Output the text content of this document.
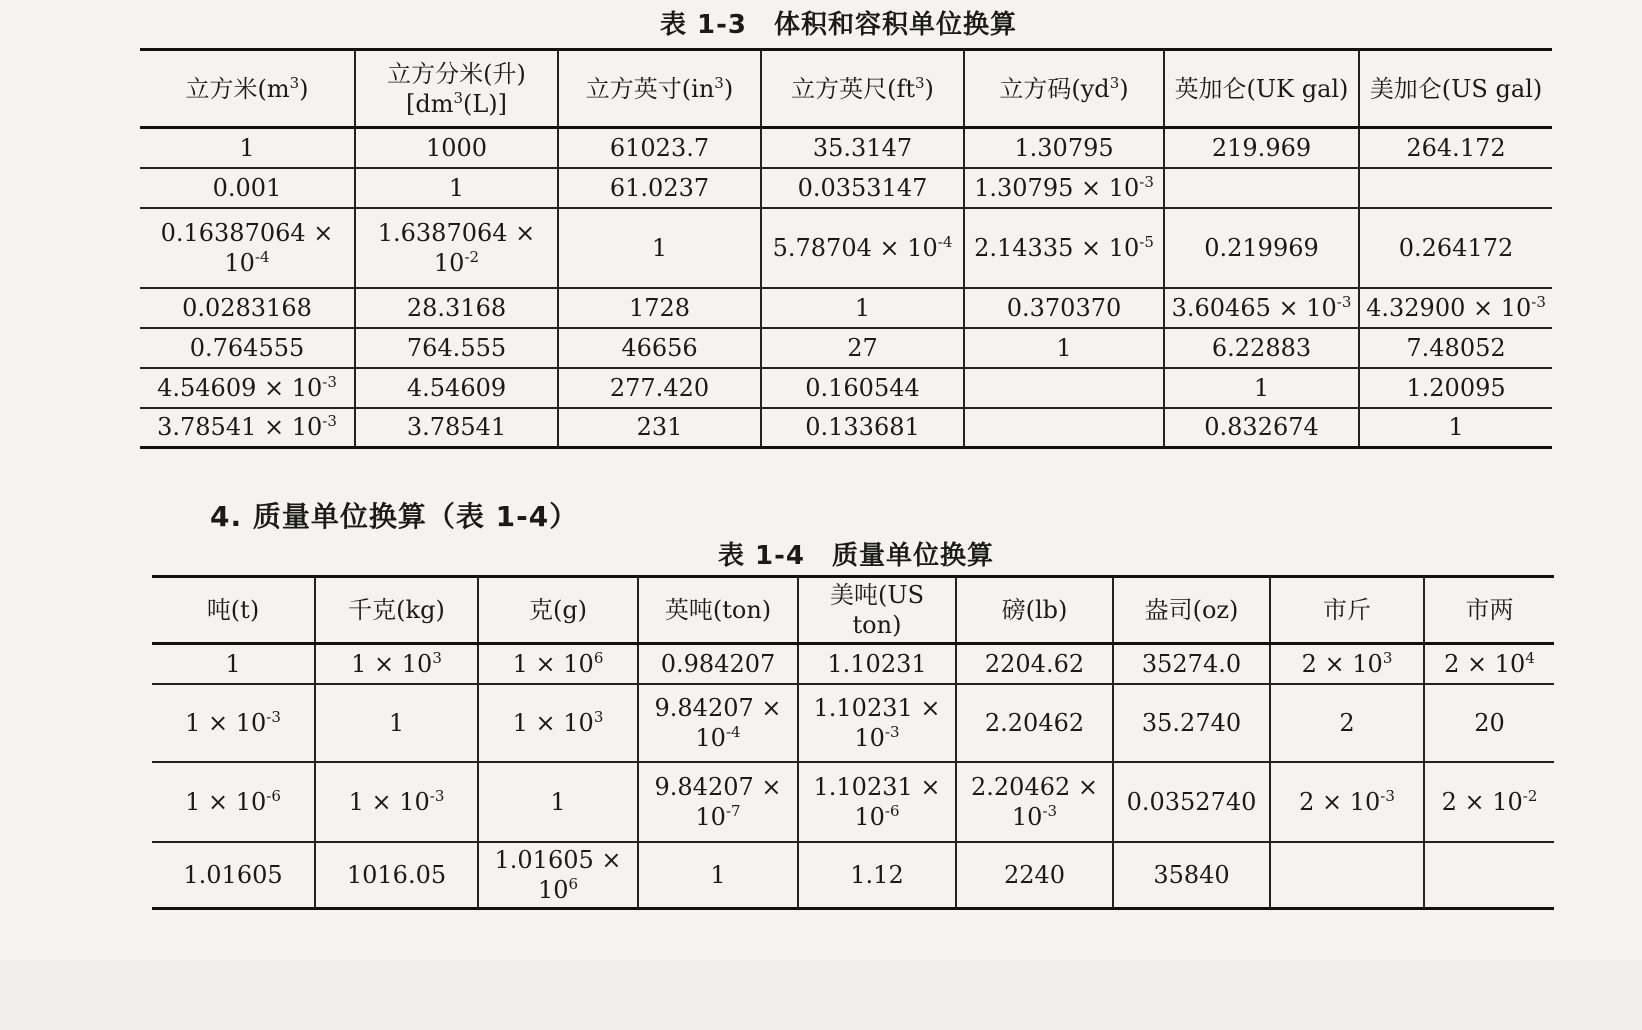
表 1-3　体积和容积单位换算
立方米$(m^3)$	立方分米(升)$[dm^3(L)]$	立方英寸$(in^3)$	立方英尺$(ft^3)$	立方码$(yd^3)$	英加仑(UK gal)	美加仑(US gal)
1	1000	61023.7	35.3147	1.30795	219.969	264.172
0.001	1	61.0237	0.0353147	$1.30795 \times 10^{-3}$		
$0.16387064 \times 10^{-4}$	$1.6387064 \times 10^{-2}$	1	$5.78704 \times 10^{-4}$	$2.14335 \times 10^{-5}$	0.219969	0.264172
0.0283168	28.3168	1728	1	0.370370	$3.60465 \times 10^{-3}$	$4.32900 \times 10^{-3}$
0.764555	764.555	46656	27	1	6.22883	7.48052
$4.54609 \times 10^{-3}$	4.54609	277.420	0.160544		1	1.20095
$3.78541 \times 10^{-3}$	3.78541	231	0.133681		0.832674	1
4. 质量单位换算（表 1-4）
表 1-4　质量单位换算
吨(t)	千克(kg)	克(g)	英吨(ton)	美吨(US ton)	磅(lb)	盎司(oz)	市斤	市两
1	$1 \times 10^3$	$1 \times 10^6$	0.984207	1.10231	2204.62	35274.0	$2 \times 10^3$	$2 \times 10^4$
$1 \times 10^{-3}$	1	$1 \times 10^3$	$9.84207 \times 10^{-4}$	$1.10231 \times 10^{-3}$	2.20462	35.2740	2	20
$1 \times 10^{-6}$	$1 \times 10^{-3}$	1	$9.84207 \times 10^{-7}$	$1.10231 \times 10^{-6}$	$2.20462 \times 10^{-3}$	0.0352740	$2 \times 10^{-3}$	$2 \times 10^{-2}$
1.01605	1016.05	$1.01605 \times 10^6$	1	1.12	2240	35840		
